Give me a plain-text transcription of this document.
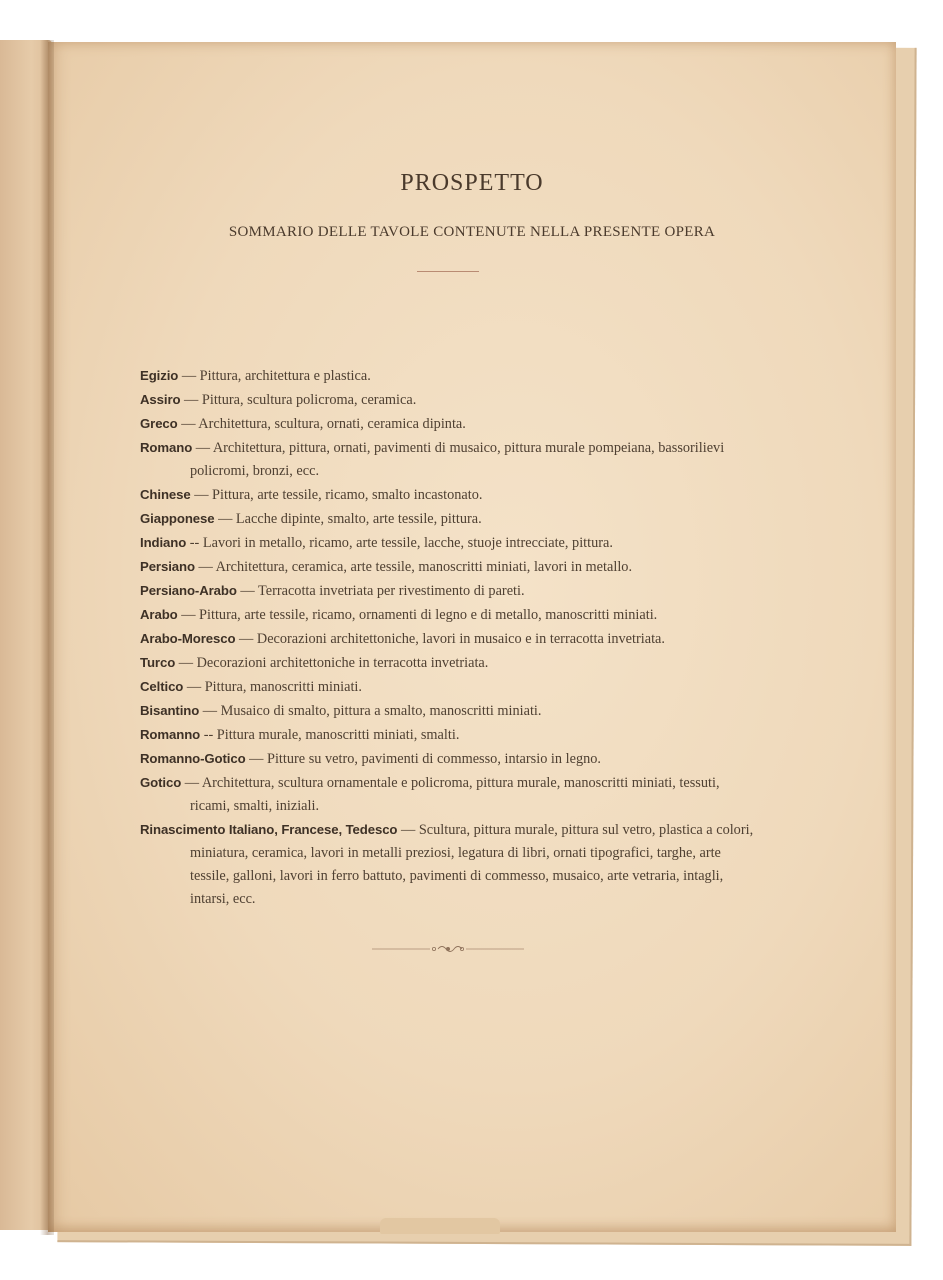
PROSPETTO
SOMMARIO DELLE TAVOLE CONTENUTE NELLA PRESENTE OPERA
Egizio — Pittura, architettura e plastica.
Assiro — Pittura, scultura policroma, ceramica.
Greco — Architettura, scultura, ornati, ceramica dipinta.
Romano — Architettura, pittura, ornati, pavimenti di musaico, pittura murale pompeiana, bassorilievi policromi, bronzi, ecc.
Chinese — Pittura, arte tessile, ricamo, smalto incastonato.
Giapponese — Lacche dipinte, smalto, arte tessile, pittura.
Indiano -- Lavori in metallo, ricamo, arte tessile, lacche, stuoje intrecciate, pittura.
Persiano — Architettura, ceramica, arte tessile, manoscritti miniati, lavori in metallo.
Persiano-Arabo — Terracotta invetriata per rivestimento di pareti.
Arabo — Pittura, arte tessile, ricamo, ornamenti di legno e di metallo, manoscritti miniati.
Arabo-Moresco — Decorazioni architettoniche, lavori in musaico e in terracotta invetriata.
Turco — Decorazioni architettoniche in terracotta invetriata.
Celtico — Pittura, manoscritti miniati.
Bisantino — Musaico di smalto, pittura a smalto, manoscritti miniati.
Romanno -- Pittura murale, manoscritti miniati, smalti.
Romanno-Gotico — Pitture su vetro, pavimenti di commesso, intarsio in legno.
Gotico — Architettura, scultura ornamentale e policroma, pittura murale, manoscritti miniati, tessuti, ricami, smalti, iniziali.
Rinascimento Italiano, Francese, Tedesco — Scultura, pittura murale, pittura sul vetro, plastica a colori, miniatura, ceramica, lavori in metalli preziosi, legatura di libri, ornati tipografici, targhe, arte tessile, galloni, lavori in ferro battuto, pavimenti di commesso, musaico, arte vetraria, intagli, intarsi, ecc.
